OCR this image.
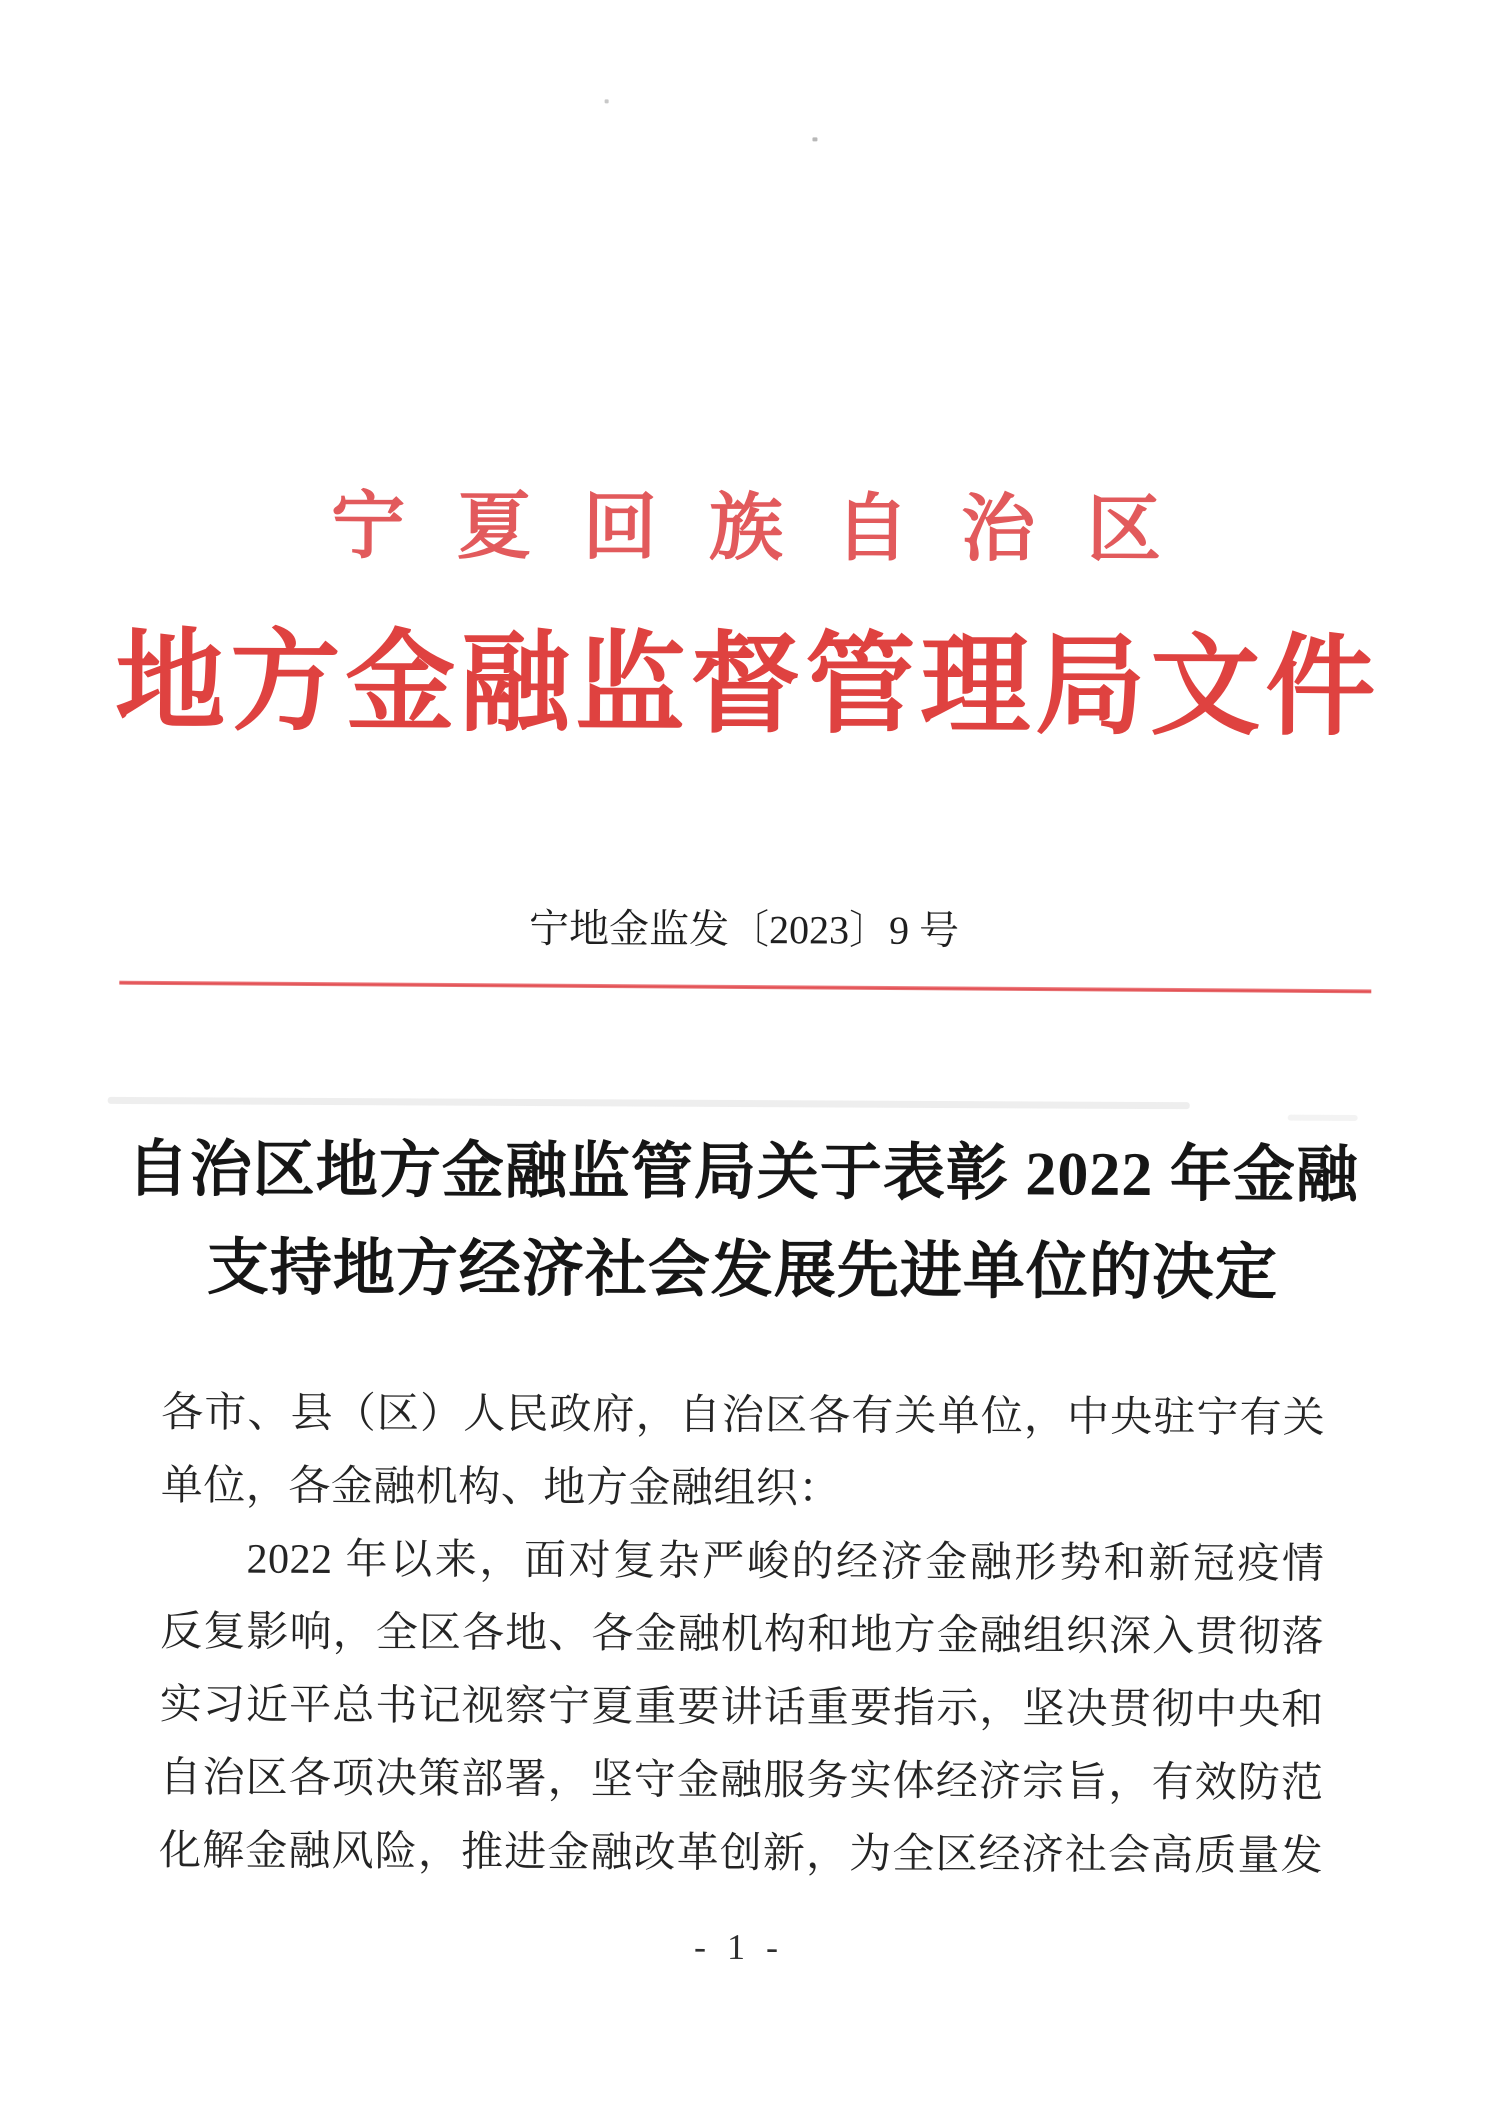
宁夏回族自治区
地方金融监督管理局文件
宁地金监发〔2023〕9 号
自治区地方金融监管局关于表彰 2022 年金融
支持地方经济社会发展先进单位的决定
各市、县（区）人民政府，自治区各有关单位，中央驻宁有关
单位，各金融机构、地方金融组织：
2022 年以来，面对复杂严峻的经济金融形势和新冠疫情
反复影响，全区各地、各金融机构和地方金融组织深入贯彻落
实习近平总书记视察宁夏重要讲话重要指示，坚决贯彻中央和
自治区各项决策部署，坚守金融服务实体经济宗旨，有效防范
化解金融风险，推进金融改革创新，为全区经济社会高质量发
- 1 -
